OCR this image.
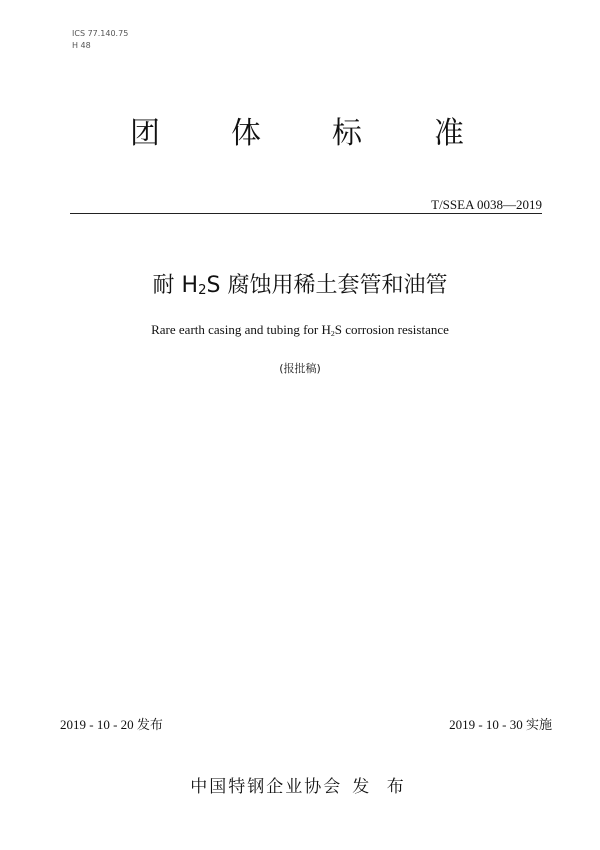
ICS 77.140.75
H 48
团 体 标 准
T/SSEA 0038—2019
耐 $H_2S$ 腐蚀用稀土套管和油管
Rare earth casing and tubing for $H_2S$ corrosion resistance
(报批稿)
2019 - 10 - 20 发布	2019 - 10 - 30 实施
中国特钢企业协会 发 布
